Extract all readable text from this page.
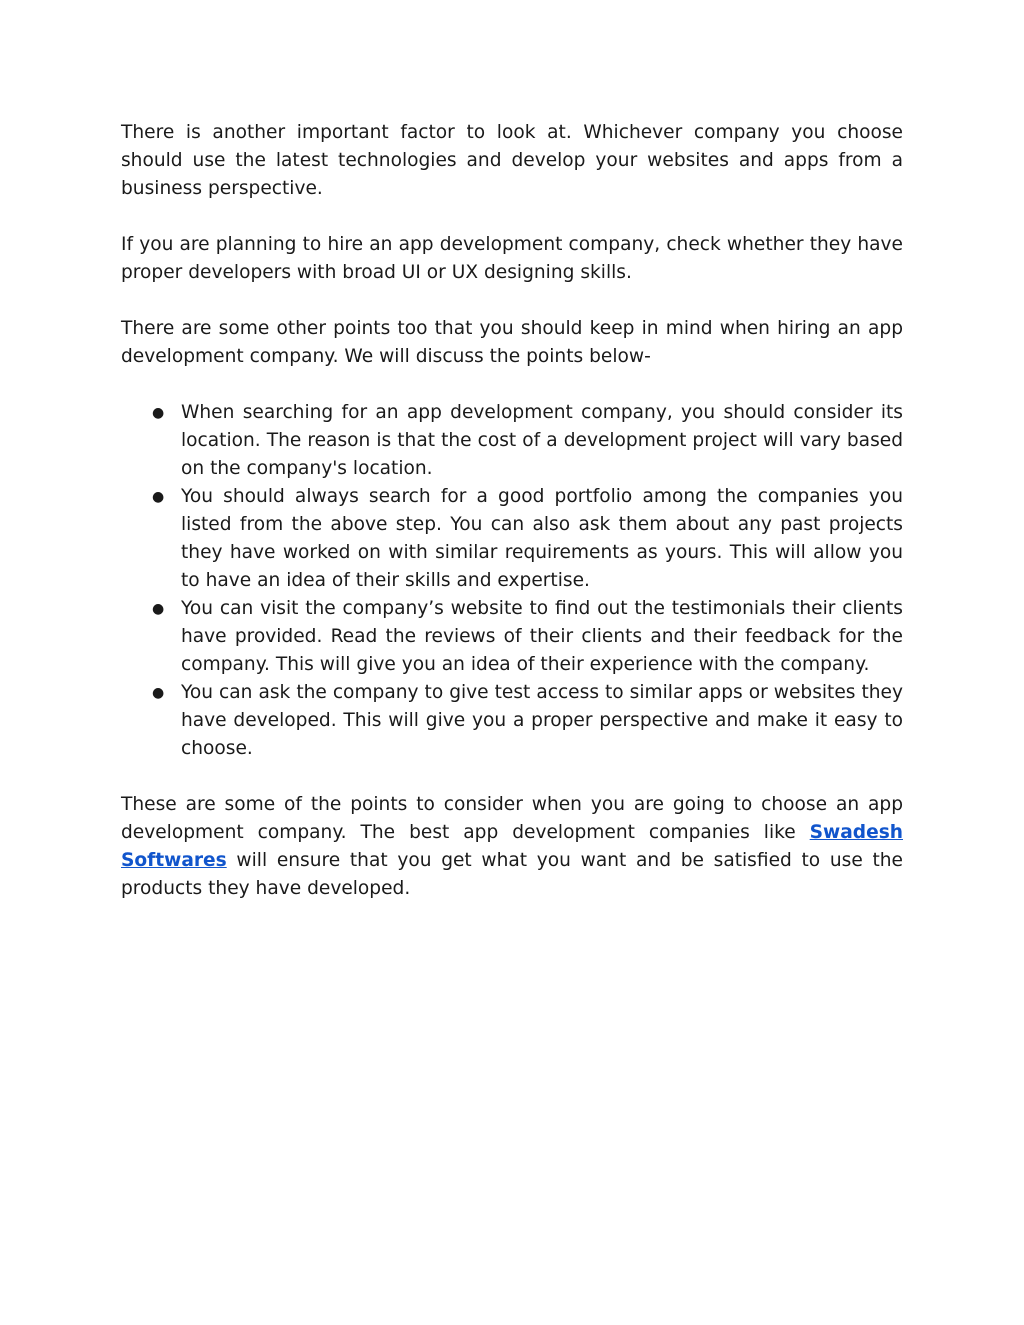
There is another important factor to look at. Whichever company you choose should use the latest technologies and develop your websites and apps from a business perspective.

If you are planning to hire an app development company, check whether they have proper developers with broad UI or UX designing skills.

There are some other points too that you should keep in mind when hiring an app development company. We will discuss the points below-

● When searching for an app development company, you should consider its location. The reason is that the cost of a development project will vary based on the company's location.
● You should always search for a good portfolio among the companies you listed from the above step. You can also ask them about any past projects they have worked on with similar requirements as yours. This will allow you to have an idea of their skills and expertise.
● You can visit the company’s website to find out the testimonials their clients have provided. Read the reviews of their clients and their feedback for the company. This will give you an idea of their experience with the company.
● You can ask the company to give test access to similar apps or websites they have developed. This will give you a proper perspective and make it easy to choose.

These are some of the points to consider when you are going to choose an app development company. The best app development companies like Swadesh Softwares will ensure that you get what you want and be satisfied to use the products they have developed.
